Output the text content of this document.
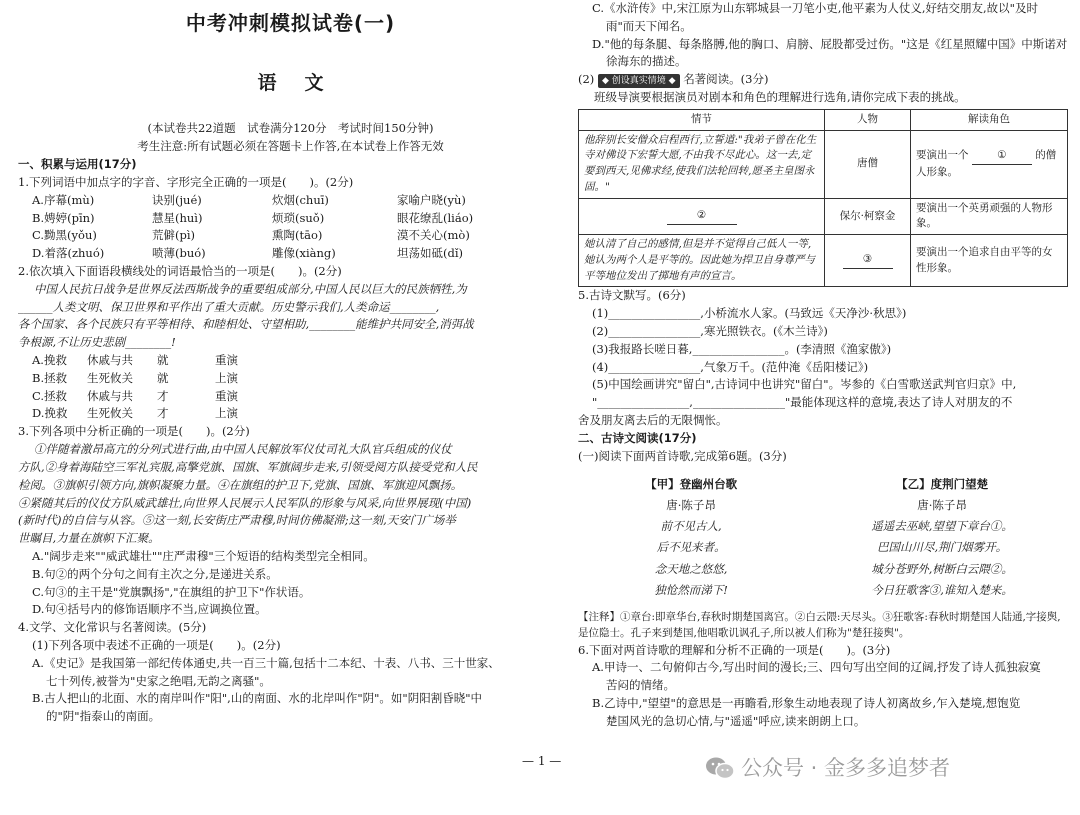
中考冲刺模拟试卷(一)
语文
(本试卷共22道题　试卷满分120分　考试时间150分钟)
考生注意:所有试题必须在答题卡上作答,在本试卷上作答无效

一、积累与运用(17分)

1.下列词语中加点字的字音、字形完全正确的一项是(　　)。(2分)

A.序幕(mù)	诀别(jué)	炊烟(chuī)	家喻户晓(yù)
B.娉婷(pīn)	慧星(huì)	烦琐(suǒ)	眼花缭乱(liáo)
C.黝黑(yǒu)	荒僻(pì)	熏陶(tāo)	漠不关心(mò)
D.着落(zhuó)	喷薄(buó)	雕像(xiàng)	坦荡如砥(dǐ)

2.依次填入下面语段横线处的词语最恰当的一项是(　　)。(2分)

中国人民抗日战争是世界反法西斯战争的重要组成部分,中国人民以巨大的民族牺牲,为

______人类文明、保卫世界和平作出了重大贡献。历史警示我们,人类命运________,

各个国家、各个民族只有平等相待、和睦相处、守望相助,________能维护共同安全,消弭战

争根源,不让历史悲剧________!

A.挽救	休戚与共	就	重演
B.拯救	生死攸关	就	上演
C.拯救	休戚与共	才	重演
D.挽救	生死攸关	才	上演

3.下列各项中分析正确的一项是(　　)。(2分)

①伴随着激昂高亢的分列式进行曲,由中国人民解放军仪仗司礼大队官兵组成的仪仗

方队,②身着海陆空三军礼宾服,高擎党旗、国旗、军旗阔步走来,引领受阅方队接受党和人民

检阅。③旗帜引领方向,旗帜凝聚力量。④在旗组的护卫下,党旗、国旗、军旗迎风飘扬。

④紧随其后的仪仗方队威武雄壮,向世界人民展示人民军队的形象与风采,向世界展现(中国)

(新时代)的自信与从容。⑤这一刻,长安街庄严肃穆,时间仿佛凝滞;这一刻,天安门广场举

世瞩目,力量在旗帜下汇聚。

A."阔步走来""威武雄壮""庄严肃穆"三个短语的结构类型完全相同。

B.句②的两个分句之间有主次之分,是递进关系。

C.句③的主干是"党旗飘扬","在旗组的护卫下"作状语。

D.句④括号内的修饰语顺序不当,应调换位置。

4.文学、文化常识与名著阅读。(5分)

(1)下列各项中表述不正确的一项是(　　)。(2分)

A.《史记》是我国第一部纪传体通史,共一百三十篇,包括十二本纪、十表、八书、三十世家、

七十列传,被誉为"史家之绝唱,无韵之离骚"。

B.古人把山的北面、水的南岸叫作"阳",山的南面、水的北岸叫作"阴"。如"阴阳割昏晓"中

的"阴"指泰山的南面。

C.《水浒传》中,宋江原为山东郓城县一刀笔小吏,他平素为人仗义,好结交朋友,故以"及时

雨"而天下闻名。

D."他的每条腿、每条胳膊,他的胸口、肩膀、屁股都受过伤。"这是《红星照耀中国》中斯诺对

徐海东的描述。

(2) ◆ 创设真实情境 ◆ 名著阅读。(3分)

班级导演要根据演员对剧本和角色的理解进行选角,请你完成下表的挑战。

情节	人物	解读角色
他辞别长安僧众启程西行,立誓道:"我弟子曾在化生寺对佛设下宏誓大愿,不由我不尽此心。这一去,定要到西天,见佛求经,使我们法轮回转,愿圣主皇图永固。"	唐僧	要演出一个 ① 的僧人形象。
②	保尔·柯察金	要演出一个英勇顽强的人物形象。
她认清了自己的感情,但是并不觉得自己低人一等,她认为两个人是平等的。因此她为捍卫自身尊严与平等地位发出了掷地有声的宣言。	③	要演出一个追求自由平等的女性形象。

5.古诗文默写。(6分)

(1)________________,小桥流水人家。(马致远《天净沙·秋思》)

(2)________________,寒光照铁衣。(《木兰诗》)

(3)我报路长嗟日暮,________________。(李清照《渔家傲》)

(4)________________,气象万千。(范仲淹《岳阳楼记》)

(5)中国绘画讲究"留白",古诗词中也讲究"留白"。岑参的《白雪歌送武判官归京》中,

"________________,________________"最能体现这样的意境,表达了诗人对朋友的不

舍及朋友离去后的无限惆怅。

二、古诗文阅读(17分)

(一)阅读下面两首诗歌,完成第6题。(3分)

【甲】登幽州台歌
唐·陈子昂
前不见古人,
后不见来者。
念天地之悠悠,
独怆然而涕下!
【乙】度荆门望楚
唐·陈子昂
遥遥去巫峡,望望下章台①。
巴国山川尽,荆门烟雾开。
城分苍野外,树断白云隈②。
今日狂歌客③,谁知入楚来。

【注释】①章台:即章华台,春秋时期楚国离宫。②白云隈:天尽头。③狂歌客:春秋时期楚国人陆通,字接舆,

是位隐士。孔子来到楚国,他唱歌讥讽孔子,所以被人们称为"楚狂接舆"。

6.下面对两首诗歌的理解和分析不正确的一项是(　　)。(3分)

A.甲诗一、二句俯仰古今,写出时间的漫长;三、四句写出空间的辽阔,抒发了诗人孤独寂寞

苦闷的情绪。

B.乙诗中,"望望"的意思是一再瞻看,形象生动地表现了诗人初离故乡,乍入楚境,想饱览

楚国风光的急切心情,与"遥遥"呼应,读来朗朗上口。

— 1 —	公众号 · 金多多追梦者
